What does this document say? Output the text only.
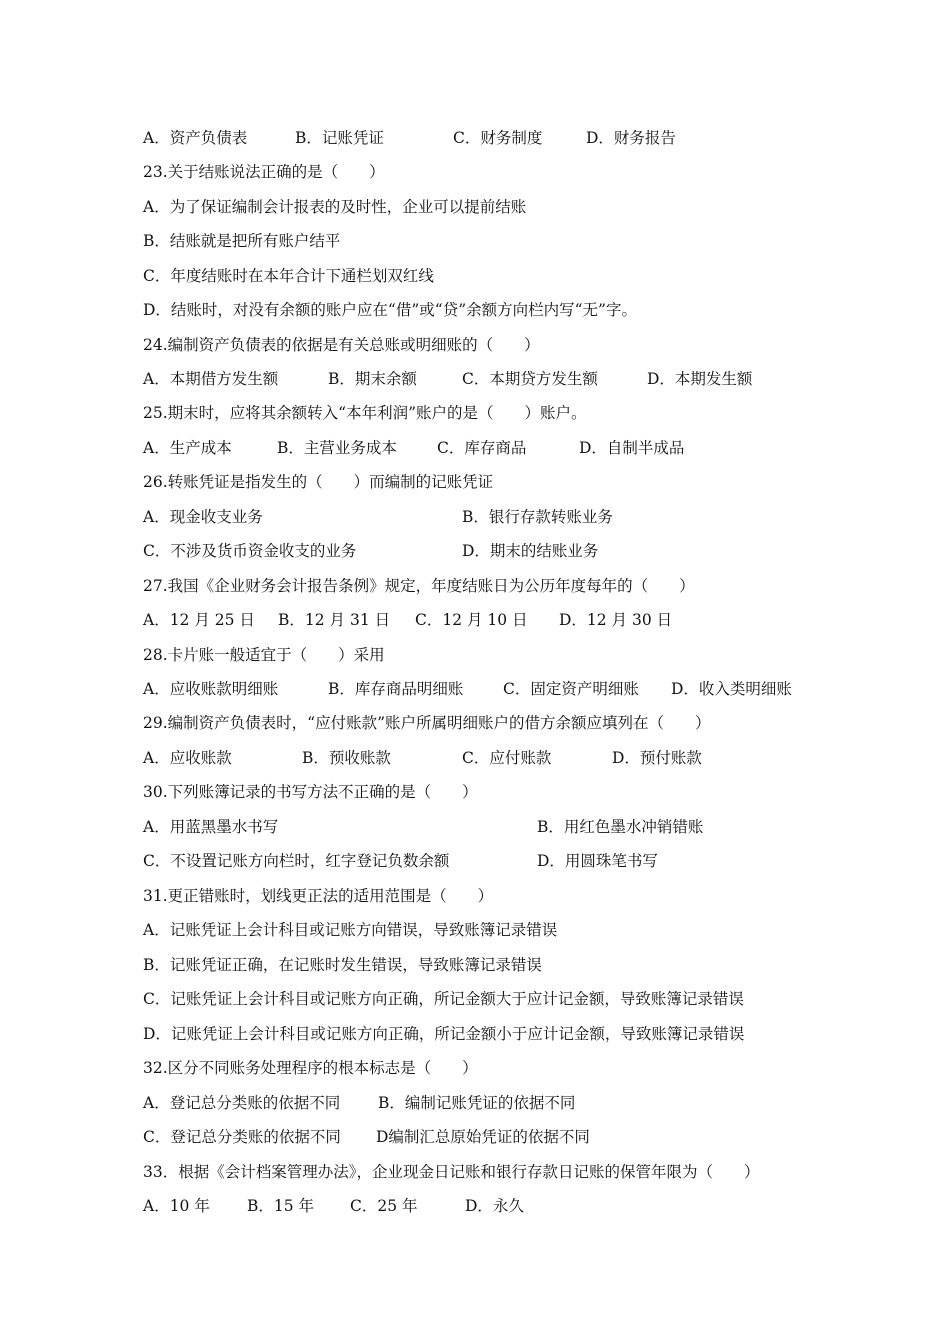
A．资产负债表	B．记账凭证	C．财务制度	D．财务报告
23.关于结账说法正确的是（　　）
A．为了保证编制会计报表的及时性，企业可以提前结账
B．结账就是把所有账户结平
C．年度结账时在本年合计下通栏划双红线
D．结账时，对没有余额的账户应在“借”或“贷”余额方向栏内写“无”字。
24.编制资产负债表的依据是有关总账或明细账的（　　）
A．本期借方发生额	B．期末余额	C．本期贷方发生额	D．本期发生额
25.期末时，应将其余额转入“本年利润”账户的是（　　）账户。
A．生产成本	B．主营业务成本	C．库存商品	D．自制半成品
26.转账凭证是指发生的（　　）而编制的记账凭证
A．现金收支业务	B．银行存款转账业务
C．不涉及货币资金收支的业务	D．期末的结账业务
27.我国《企业财务会计报告条例》规定，年度结账日为公历年度每年的（　　）
A．12 月 25 日 B．12 月 31 日 C．12 月 10 日 D．12 月 30 日
28.卡片账一般适宜于（　　）采用
A．应收账款明细账	B．库存商品明细账	C．固定资产明细账 D．收入类明细账
29.编制资产负债表时，“应付账款”账户所属明细账户的借方余额应填列在（　　）
A．应收账款	B．预收账款	C．应付账款	D．预付账款
30.下列账簿记录的书写方法不正确的是（　　）
A．用蓝黑墨水书写	B．用红色墨水冲销错账
C．不设置记账方向栏时，红字登记负数余额	D．用圆珠笔书写
31.更正错账时，划线更正法的适用范围是（　　）
A．记账凭证上会计科目或记账方向错误，导致账簿记录错误
B．记账凭证正确，在记账时发生错误，导致账簿记录错误
C．记账凭证上会计科目或记账方向正确，所记金额大于应计记金额，导致账簿记录错误
D．记账凭证上会计科目或记账方向正确，所记金额小于应计记金额，导致账簿记录错误
32.区分不同账务处理程序的根本标志是（　　）
A．登记总分类账的依据不同 B．编制记账凭证的依据不同
C．登记总分类账的依据不同 D编制汇总原始凭证的依据不同
33．根据《会计档案管理办法》，企业现金日记账和银行存款日记账的保管年限为（　　）
A．10 年 B．15 年 C．25 年	D．永久
